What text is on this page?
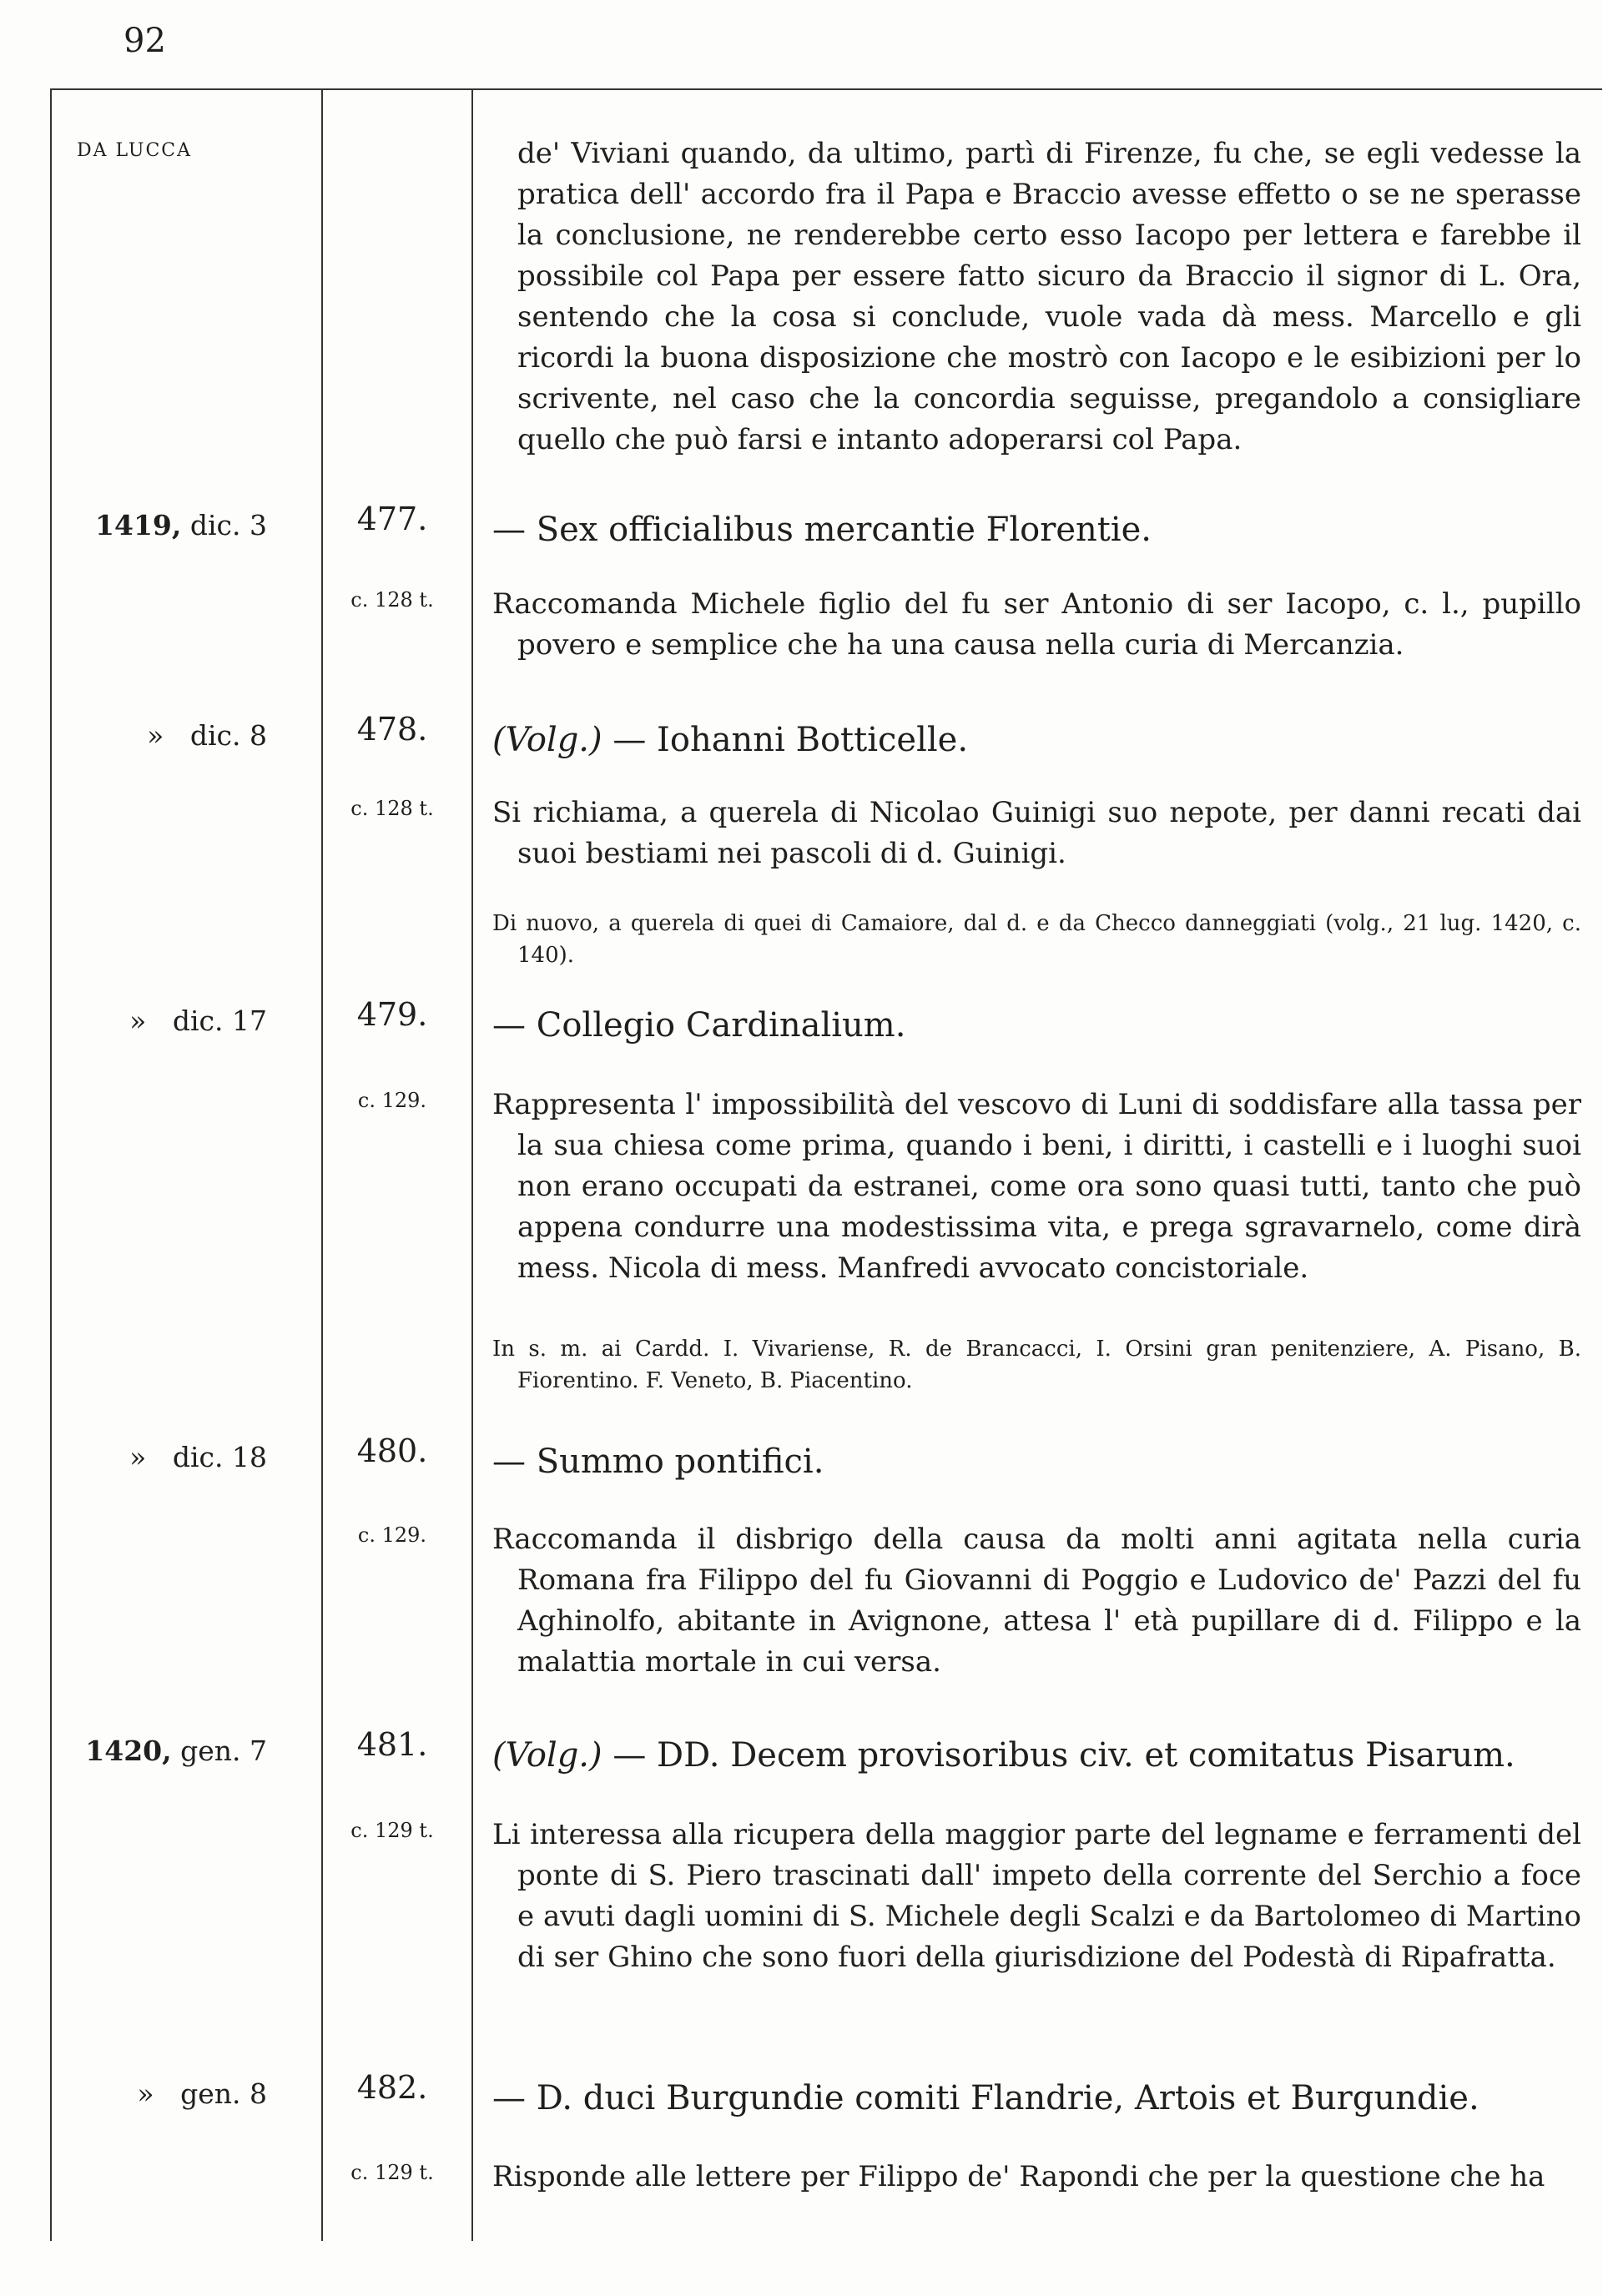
92
DA LUCCA	de' Viviani quando, da ultimo, partì di Firenze, fu che, se egli vedesse la pratica dell' accordo fra il Papa e Braccio avesse effetto o se ne sperasse la conclusione, ne renderebbe certo esso Iacopo per lettera e farebbe il possibile col Papa per essere fatto sicuro da Braccio il signor di L. Ora, sentendo che la cosa si conclude, vuole vada dà mess. Marcello e gli ricordi la buona disposizione che mostrò con Iacopo e le esibizioni per lo scrivente, nel caso che la concordia seguisse, pregandolo a consigliare quello che può farsi e intanto adoperarsi col Papa.

1419, dic. 3	477.	— Sex officialibus mercantie Florentie.
c. 128 t.	Raccomanda Michele figlio del fu ser Antonio di ser Iacopo, c. l., pupillo povero e semplice che ha una causa nella curia di Mercanzia.

» dic. 8	478.	(Volg.) — Iohanni Botticelle.
c. 128 t.	Si richiama, a querela di Nicolao Guinigi suo nepote, per danni recati dai suoi bestiami nei pascoli di d. Guinigi.

Di nuovo, a querela di quei di Camaiore, dal d. e da Checco danneggiati (volg., 21 lug. 1420, c. 140).

» dic. 17	479.	— Collegio Cardinalium.
c. 129.	Rappresenta l' impossibilità del vescovo di Luni di soddisfare alla tassa per la sua chiesa come prima, quando i beni, i diritti, i castelli e i luoghi suoi non erano occupati da estranei, come ora sono quasi tutti, tanto che può appena condurre una modestissima vita, e prega sgravarnelo, come dirà mess. Nicola di mess. Manfredi avvocato concistoriale.

In s. m. ai Cardd. I. Vivariense, R. de Brancacci, I. Orsini gran penitenziere, A. Pisano, B. Fiorentino. F. Veneto, B. Piacentino.

» dic. 18	480.	— Summo pontifici.
c. 129.	Raccomanda il disbrigo della causa da molti anni agitata nella curia Romana fra Filippo del fu Giovanni di Poggio e Ludovico de' Pazzi del fu Aghinolfo, abitante in Avignone, attesa l' età pupillare di d. Filippo e la malattia mortale in cui versa.

1420, gen. 7	481.	(Volg.) — DD. Decem provisoribus civ. et comitatus Pisarum.
c. 129 t.	Li interessa alla ricupera della maggior parte del legname e ferramenti del ponte di S. Piero trascinati dall' impeto della corrente del Serchio a foce e avuti dagli uomini di S. Michele degli Scalzi e da Bartolomeo di Martino di ser Ghino che sono fuori della giurisdizione del Podestà di Ripafratta.

» gen. 8	482.	— D. duci Burgundie comiti Flandrie, Artois et Burgundie.
c. 129 t.	Risponde alle lettere per Filippo de' Rapondi che per la questione che ha
